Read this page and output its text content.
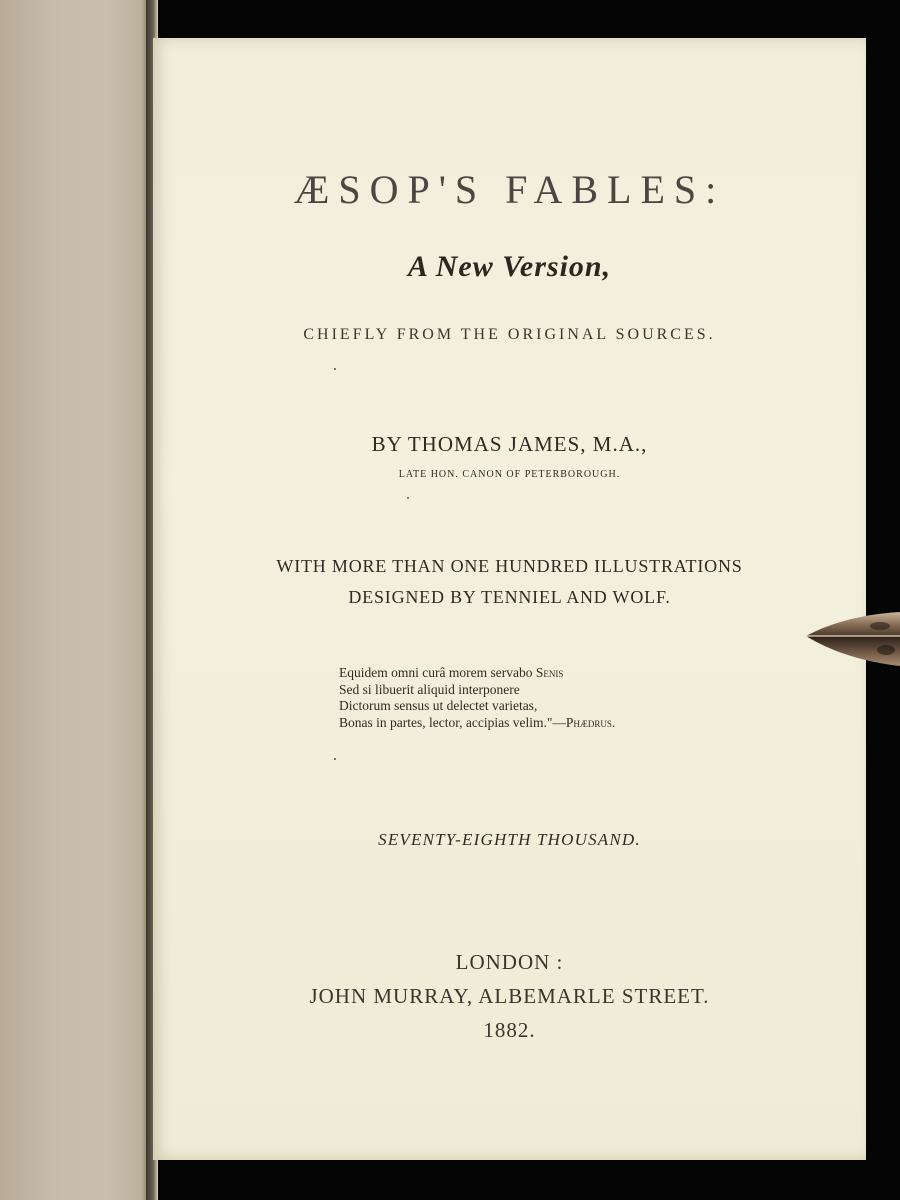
ÆSOP'S FABLES:
A New Version,
CHIEFLY FROM THE ORIGINAL SOURCES.
BY THOMAS JAMES, M.A.,
LATE HON. CANON OF PETERBOROUGH.
WITH MORE THAN ONE HUNDRED ILLUSTRATIONS
DESIGNED BY TENNIEL AND WOLF.
Equidem omni curâ morem servabo Senis
Sed si libuerit aliquid interponere
Dictorum sensus ut delectet varietas,
Bonas in partes, lector, accipias velim."—Phædrus.
SEVENTY-EIGHTH THOUSAND.
LONDON :
JOHN MURRAY, ALBEMARLE STREET.
1882.
